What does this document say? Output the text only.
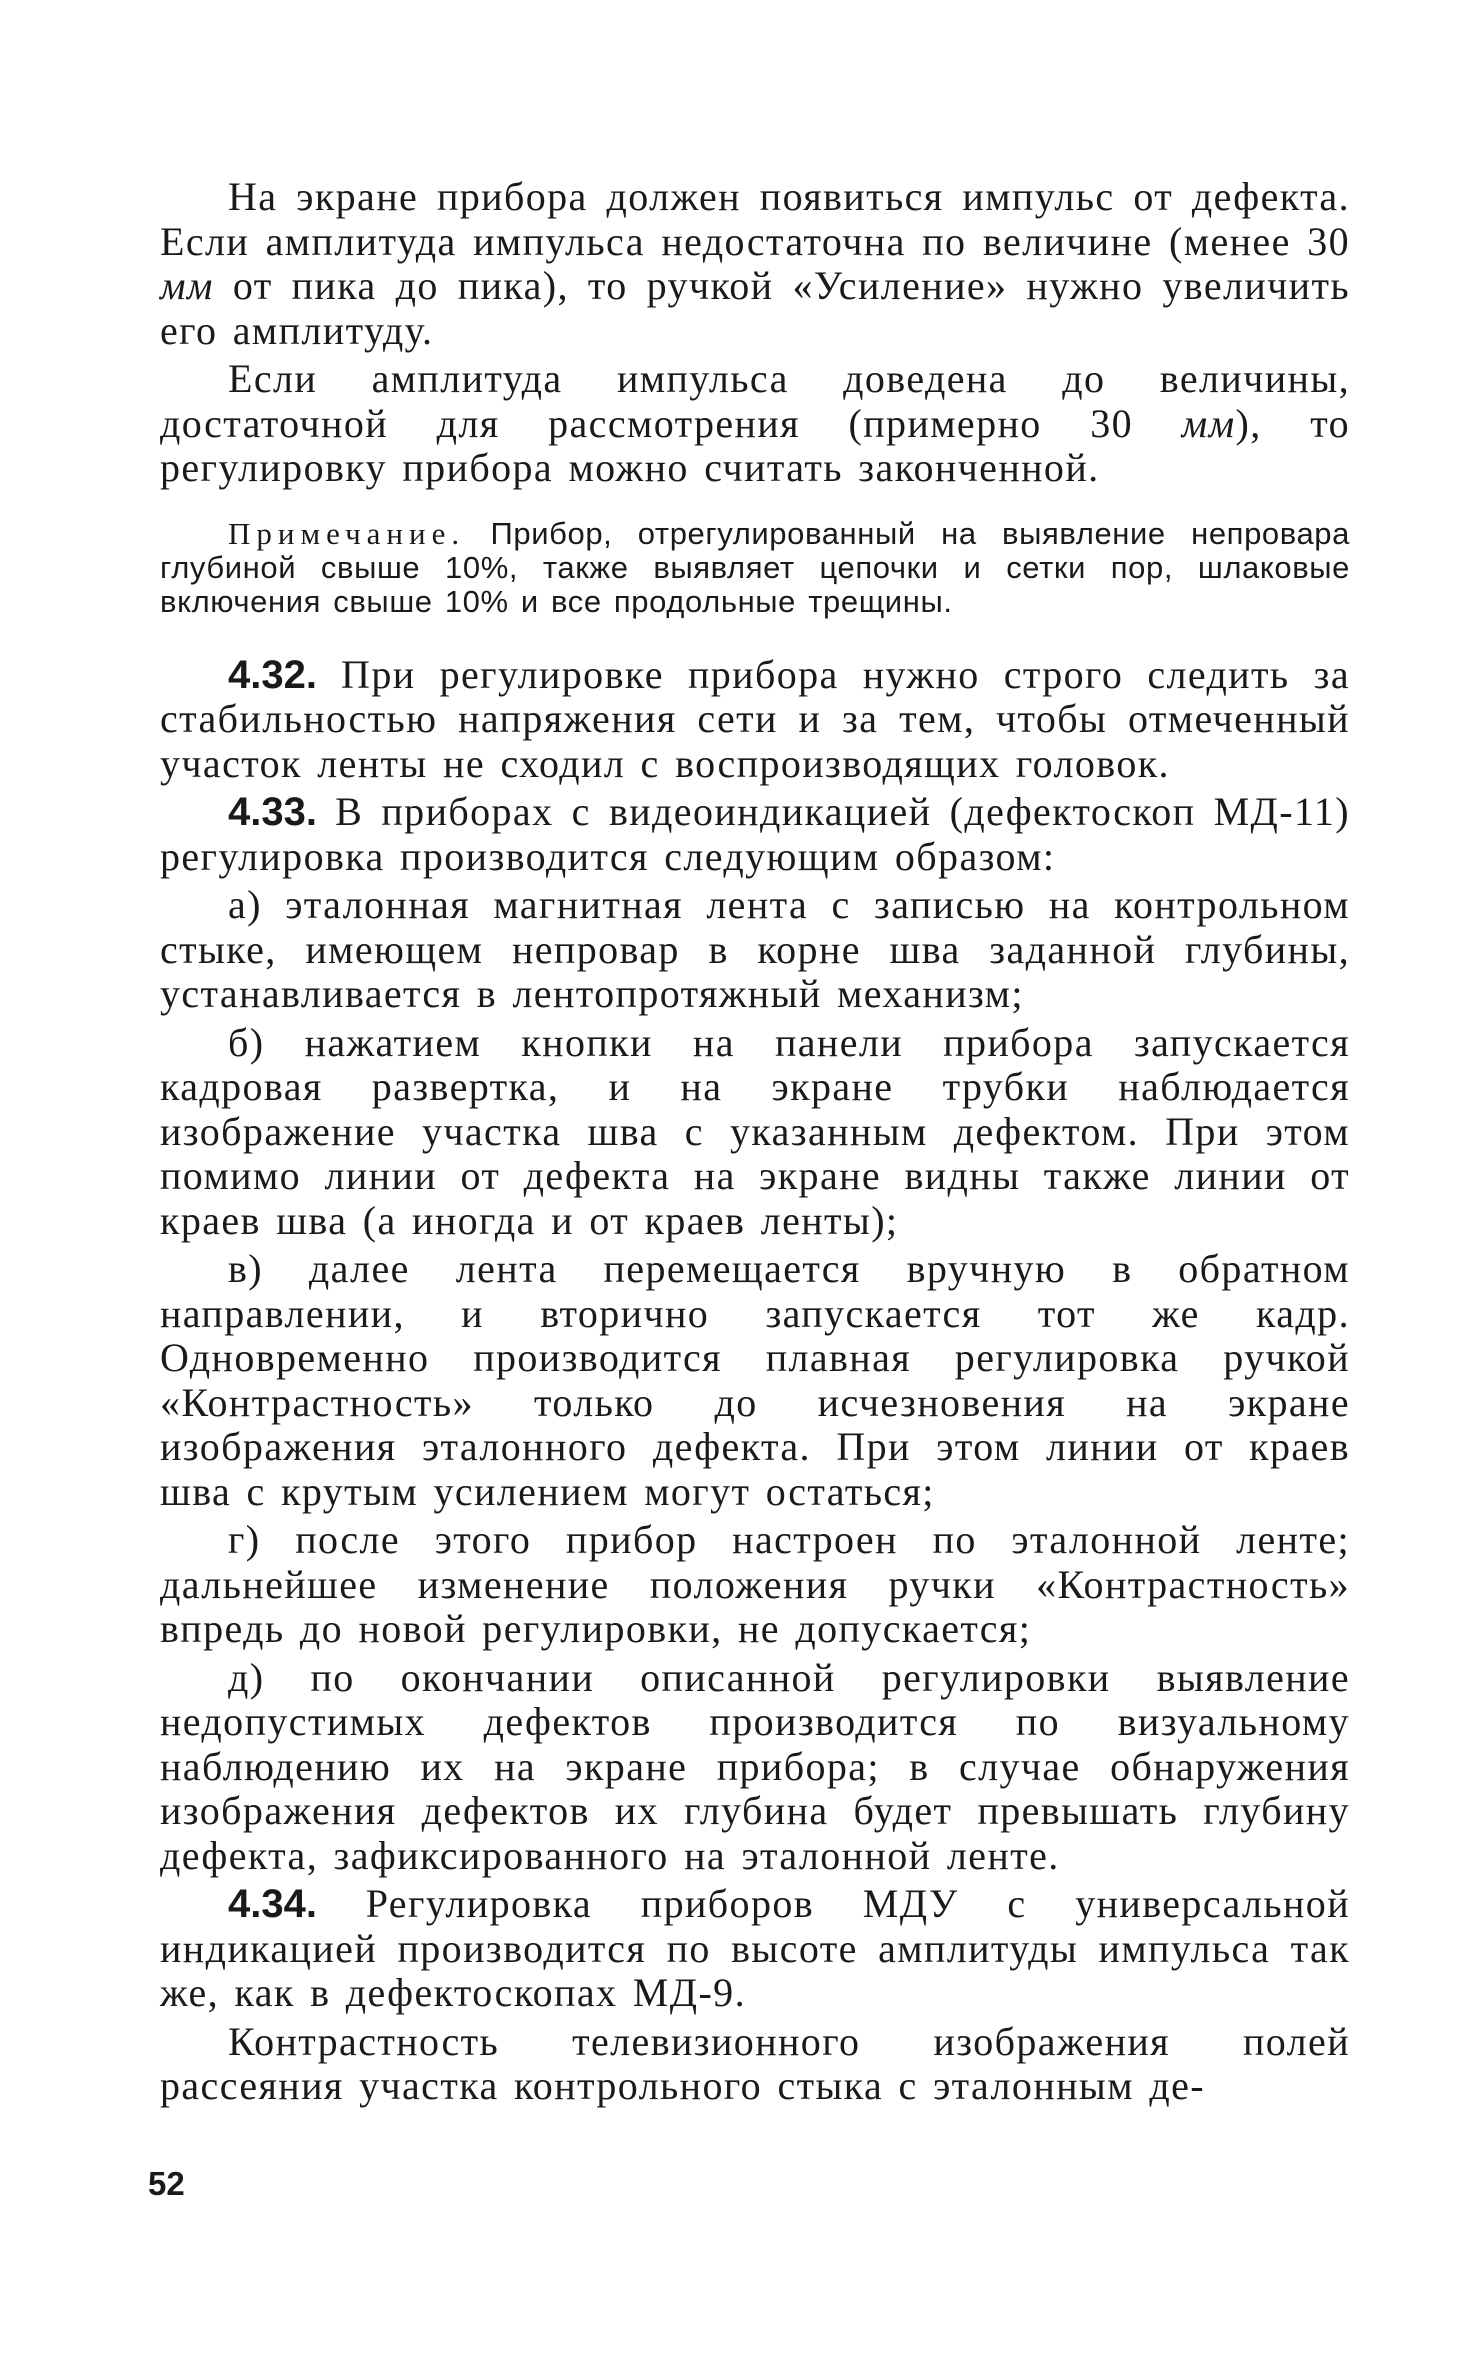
На экране прибора должен появиться импульс от дефекта. Если амплитуда импульса недостаточна по величине (менее 30 мм от пика до пика), то ручкой «Усиление» нужно увеличить его амплитуду.

Если амплитуда импульса доведена до величины, достаточной для рассмотрения (примерно 30 мм), то регулировку прибора можно считать законченной.

Примечание. Прибор, отрегулированный на выявление непровара глубиной свыше 10%, также выявляет цепочки и сетки пор, шлаковые включения свыше 10% и все продольные трещины.

4.32. При регулировке прибора нужно строго следить за стабильностью напряжения сети и за тем, чтобы отмеченный участок ленты не сходил с воспроизводящих головок.

4.33. В приборах с видеоиндикацией (дефектоскоп МД-11) регулировка производится следующим образом:

а) эталонная магнитная лента с записью на контрольном стыке, имеющем непровар в корне шва заданной глубины, устанавливается в лентопротяжный механизм;

б) нажатием кнопки на панели прибора запускается кадровая развертка, и на экране трубки наблюдается изображение участка шва с указанным дефектом. При этом помимо линии от дефекта на экране видны также линии от краев шва (а иногда и от краев ленты);

в) далее лента перемещается вручную в обратном направлении, и вторично запускается тот же кадр. Одновременно производится плавная регулировка ручкой «Контрастность» только до исчезновения на экране изображения эталонного дефекта. При этом линии от краев шва с крутым усилением могут остаться;

г) после этого прибор настроен по эталонной ленте; дальнейшее изменение положения ручки «Контрастность» впредь до новой регулировки, не допускается;

д) по окончании описанной регулировки выявление недопустимых дефектов производится по визуальному наблюдению их на экране прибора; в случае обнаружения изображения дефектов их глубина будет превышать глубину дефекта, зафиксированного на эталонной ленте.

4.34. Регулировка приборов МДУ с универсальной индикацией производится по высоте амплитуды импульса так же, как в дефектоскопах МД-9.

Контрастность телевизионного изображения полей рассеяния участка контрольного стыка с эталонным де-

52
